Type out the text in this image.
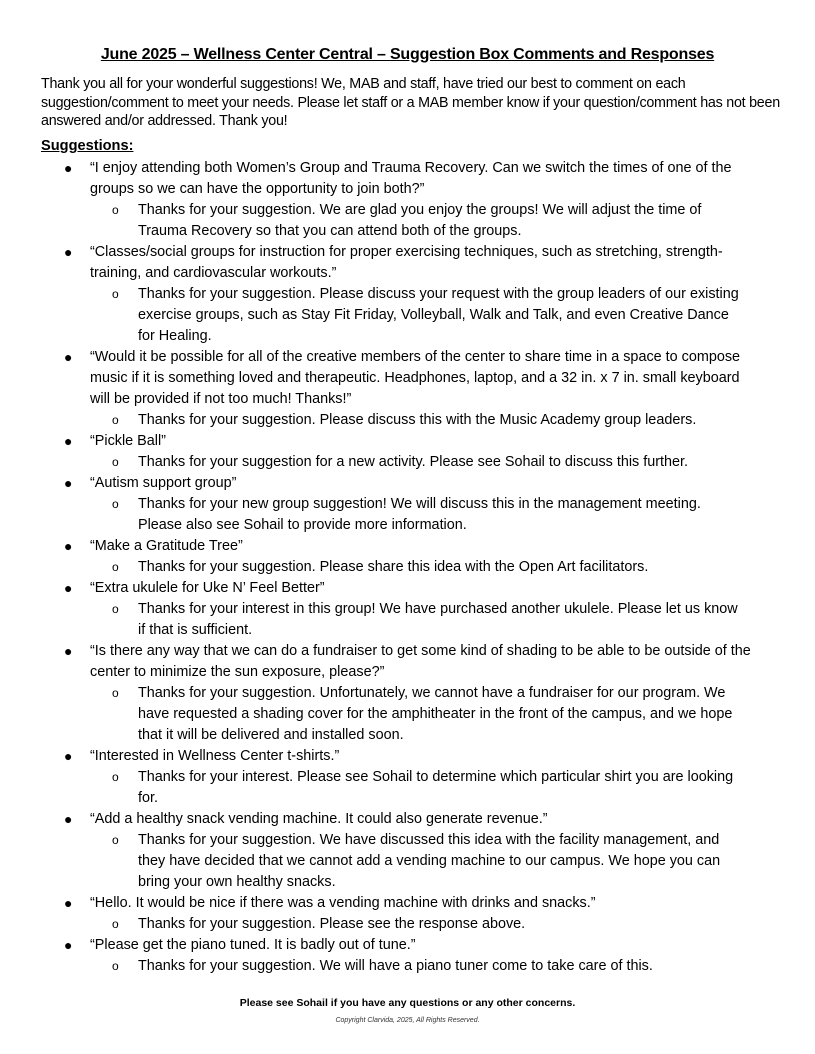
June 2025 – Wellness Center Central – Suggestion Box Comments and Responses
Thank you all for your wonderful suggestions! We, MAB and staff, have tried our best to comment on each suggestion/comment to meet your needs. Please let staff or a MAB member know if your question/comment has not been answered and/or addressed. Thank you!
Suggestions:
● “I enjoy attending both Women’s Group and Trauma Recovery. Can we switch the times of one of the groups so we can have the opportunity to join both?”
o Thanks for your suggestion. We are glad you enjoy the groups! We will adjust the time of Trauma Recovery so that you can attend both of the groups.
● “Classes/social groups for instruction for proper exercising techniques, such as stretching, strength-training, and cardiovascular workouts.”
o Thanks for your suggestion. Please discuss your request with the group leaders of our existing exercise groups, such as Stay Fit Friday, Volleyball, Walk and Talk, and even Creative Dance for Healing.
● “Would it be possible for all of the creative members of the center to share time in a space to compose music if it is something loved and therapeutic. Headphones, laptop, and a 32 in. x 7 in. small keyboard will be provided if not too much! Thanks!”
o Thanks for your suggestion. Please discuss this with the Music Academy group leaders.
● “Pickle Ball”
o Thanks for your suggestion for a new activity. Please see Sohail to discuss this further.
● “Autism support group”
o Thanks for your new group suggestion! We will discuss this in the management meeting. Please also see Sohail to provide more information.
● “Make a Gratitude Tree”
o Thanks for your suggestion. Please share this idea with the Open Art facilitators.
● “Extra ukulele for Uke N’ Feel Better”
o Thanks for your interest in this group! We have purchased another ukulele. Please let us know if that is sufficient.
● “Is there any way that we can do a fundraiser to get some kind of shading to be able to be outside of the center to minimize the sun exposure, please?”
o Thanks for your suggestion. Unfortunately, we cannot have a fundraiser for our program. We have requested a shading cover for the amphitheater in the front of the campus, and we hope that it will be delivered and installed soon.
● “Interested in Wellness Center t-shirts.”
o Thanks for your interest. Please see Sohail to determine which particular shirt you are looking for.
● “Add a healthy snack vending machine. It could also generate revenue.”
o Thanks for your suggestion. We have discussed this idea with the facility management, and they have decided that we cannot add a vending machine to our campus. We hope you can bring your own healthy snacks.
● “Hello. It would be nice if there was a vending machine with drinks and snacks.”
o Thanks for your suggestion. Please see the response above.
● “Please get the piano tuned. It is badly out of tune.”
o Thanks for your suggestion. We will have a piano tuner come to take care of this.
Please see Sohail if you have any questions or any other concerns.
Copyright Clarvida, 2025, All Rights Reserved.
